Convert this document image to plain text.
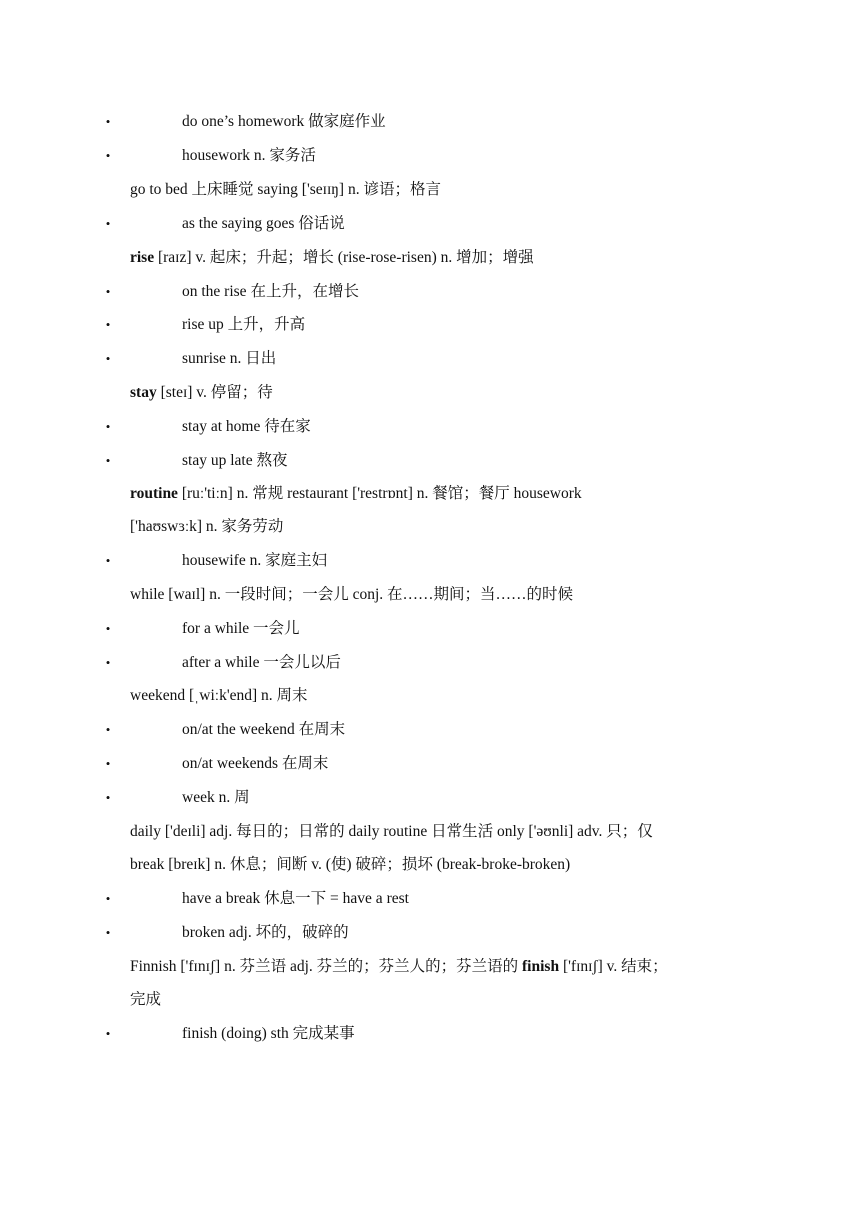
•	do one’s homework 做家庭作业
•	housework n. 家务活
go to bed 上床睡觉 saying ['seɪɪŋ] n. 谚语；格言
•	as the saying goes 俗话说
rise [raɪz] v. 起床；升起；增长 (rise-rose-risen) n. 增加；增强
•	on the rise 在上升，在增长
•	rise up 上升，升高
•	sunrise n. 日出
stay [steɪ] v. 停留；待
•	stay at home 待在家
•	stay up late 熬夜
routine [ruː'tiːn] n. 常规 restaurant ['restrɒnt] n. 餐馆；餐厅 housework
['haʊswɜːk] n. 家务劳动
•	housewife n. 家庭主妇
while [waɪl] n. 一段时间；一会儿 conj. 在……期间；当……的时候
•	for a while 一会儿
•	after a while 一会儿以后
weekend [ˌwiːk'end] n. 周末
•	on/at the weekend 在周末
•	on/at weekends 在周末
•	week n. 周
daily ['deɪli] adj. 每日的；日常的 daily routine 日常生活 only ['əʊnli] adv. 只；仅
break [breɪk] n. 休息；间断 v. (使) 破碎；损坏 (break-broke-broken)
•	have a break 休息一下 = have a rest
•	broken adj. 坏的，破碎的
Finnish ['fɪnɪʃ] n. 芬兰语 adj. 芬兰的；芬兰人的；芬兰语的 finish ['fɪnɪʃ] v. 结束；
完成
•	finish (doing) sth 完成某事
